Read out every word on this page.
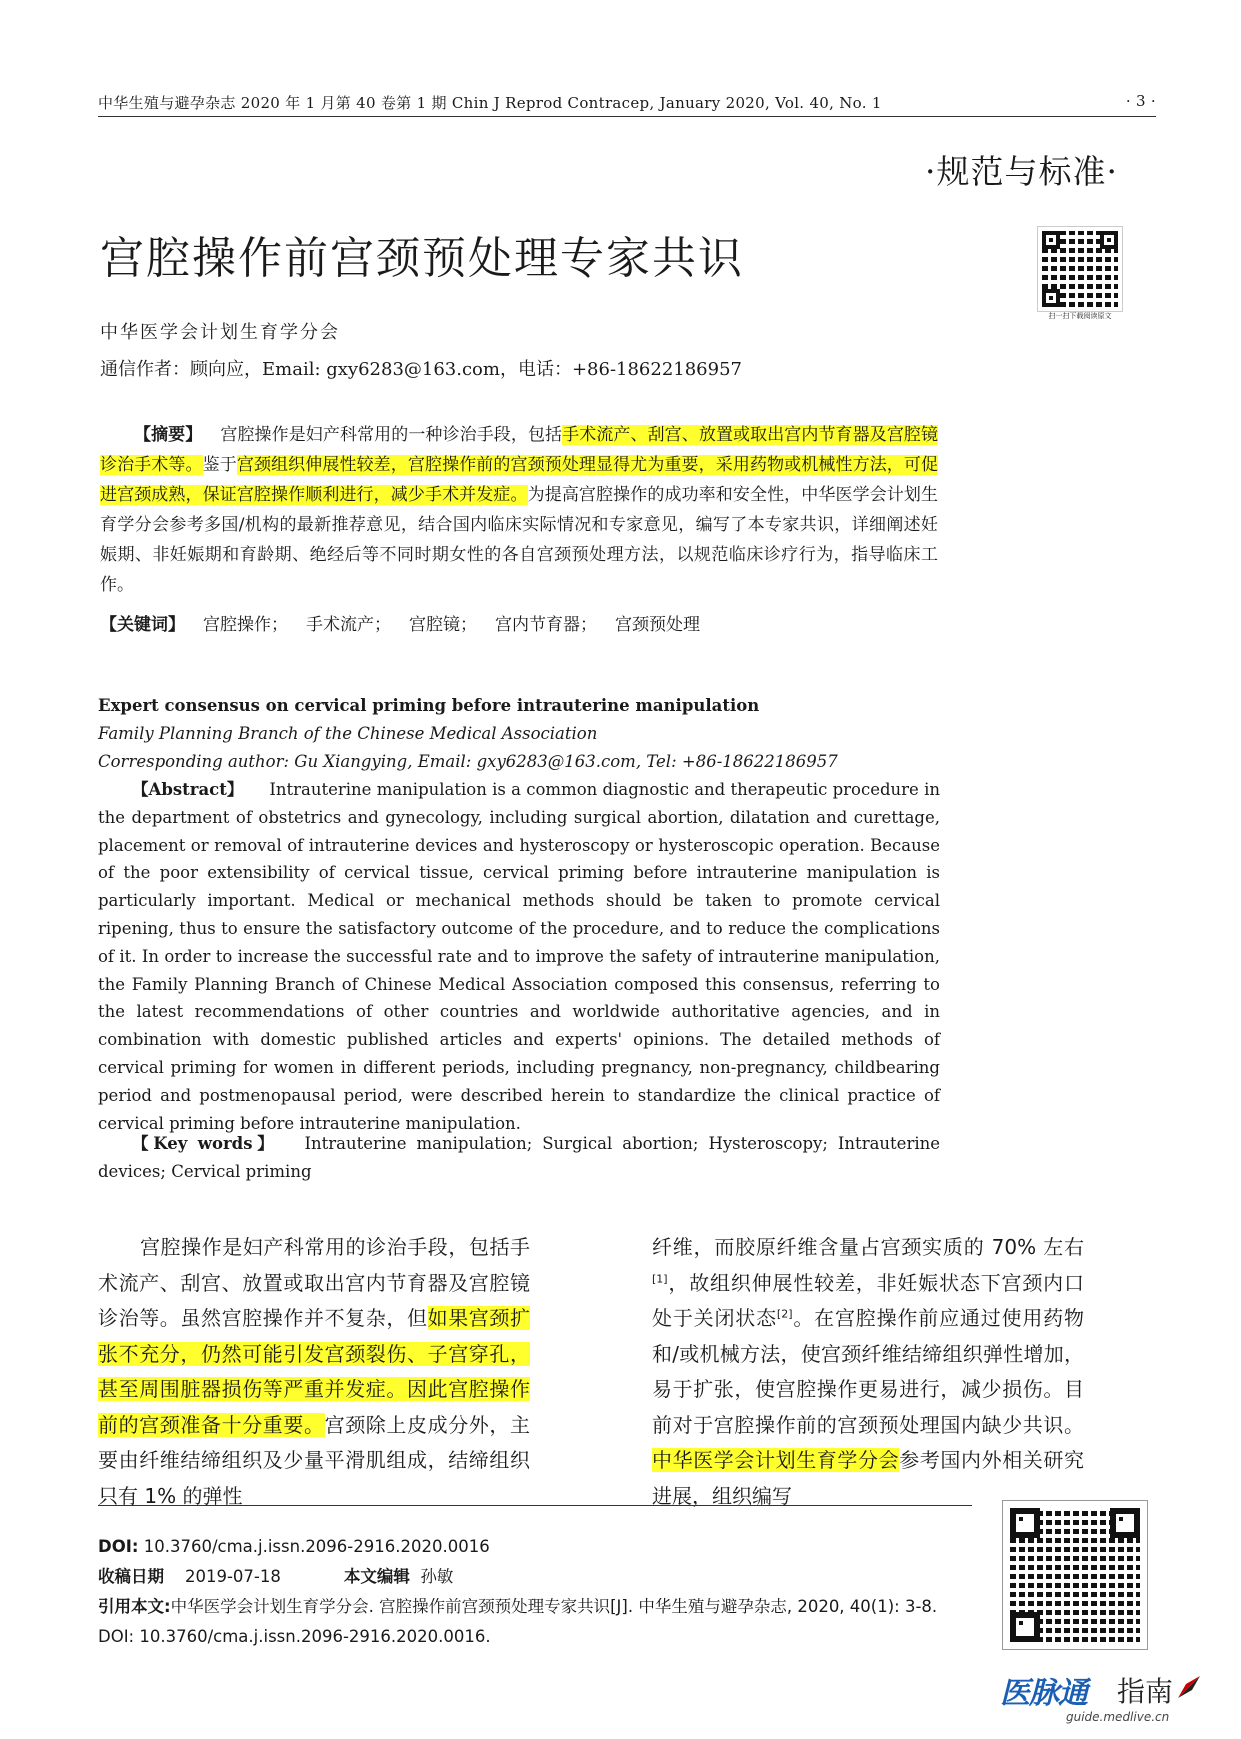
中华生殖与避孕杂志 2020 年 1 月第 40 卷第 1 期 Chin J Reprod Contracep, January 2020, Vol. 40, No. 1	· 3 ·
·规范与标准·
宫腔操作前宫颈预处理专家共识
扫一扫下载阅读原文
中华医学会计划生育学分会
通信作者：顾向应，Email: gxy6283@163.com，电话：+86-18622186957
【摘要】 宫腔操作是妇产科常用的一种诊治手段，包括手术流产、刮宫、放置或取出宫内节育器及宫腔镜诊治手术等。鉴于宫颈组织伸展性较差，宫腔操作前的宫颈预处理显得尤为重要，采用药物或机械性方法，可促进宫颈成熟，保证宫腔操作顺利进行，减少手术并发症。为提高宫腔操作的成功率和安全性，中华医学会计划生育学分会参考多国/机构的最新推荐意见，结合国内临床实际情况和专家意见，编写了本专家共识，详细阐述妊娠期、非妊娠期和育龄期、绝经后等不同时期女性的各自宫颈预处理方法，以规范临床诊疗行为，指导临床工作。
【关键词】 宫腔操作； 手术流产； 宫腔镜； 宫内节育器； 宫颈预处理
Expert consensus on cervical priming before intrauterine manipulation
Family Planning Branch of the Chinese Medical Association
Corresponding author: Gu Xiangying, Email: gxy6283@163.com, Tel: +86-18622186957
【Abstract】 Intrauterine manipulation is a common diagnostic and therapeutic procedure in the department of obstetrics and gynecology, including surgical abortion, dilatation and curettage, placement or removal of intrauterine devices and hysteroscopy or hysteroscopic operation. Because of the poor extensibility of cervical tissue, cervical priming before intrauterine manipulation is particularly important. Medical or mechanical methods should be taken to promote cervical ripening, thus to ensure the satisfactory outcome of the procedure, and to reduce the complications of it. In order to increase the successful rate and to improve the safety of intrauterine manipulation, the Family Planning Branch of Chinese Medical Association composed this consensus, referring to the latest recommendations of other countries and worldwide authoritative agencies, and in combination with domestic published articles and experts' opinions. The detailed methods of cervical priming for women in different periods, including pregnancy, non-pregnancy, childbearing period and postmenopausal period, were described herein to standardize the clinical practice of cervical priming before intrauterine manipulation.
【Key words】 Intrauterine manipulation; Surgical abortion; Hysteroscopy; Intrauterine devices; Cervical priming
宫腔操作是妇产科常用的诊治手段，包括手术流产、刮宫、放置或取出宫内节育器及宫腔镜诊治等。虽然宫腔操作并不复杂，但如果宫颈扩张不充分，仍然可能引发宫颈裂伤、子宫穿孔，甚至周围脏器损伤等严重并发症。因此宫腔操作前的宫颈准备十分重要。宫颈除上皮成分外，主要由纤维结缔组织及少量平滑肌组成，结缔组织只有 1% 的弹性
纤维，而胶原纤维含量占宫颈实质的 70% 左右[1]，故组织伸展性较差，非妊娠状态下宫颈内口处于关闭状态[2]。在宫腔操作前应通过使用药物和/或机械方法，使宫颈纤维结缔组织弹性增加，易于扩张，使宫腔操作更易进行，减少损伤。目前对于宫腔操作前的宫颈预处理国内缺少共识。中华医学会计划生育学分会参考国内外相关研究进展，组织编写
DOI: 10.3760/cma.j.issn.2096-2916.2020.0016
收稿日期 2019-07-18	本文编辑 孙敏
引用本文:中华医学会计划生育学分会. 宫腔操作前宫颈预处理专家共识[J]. 中华生殖与避孕杂志, 2020, 40(1): 3-8. DOI: 10.3760/cma.j.issn.2096-2916.2020.0016.
医脉通 指南
guide.medlive.cn
